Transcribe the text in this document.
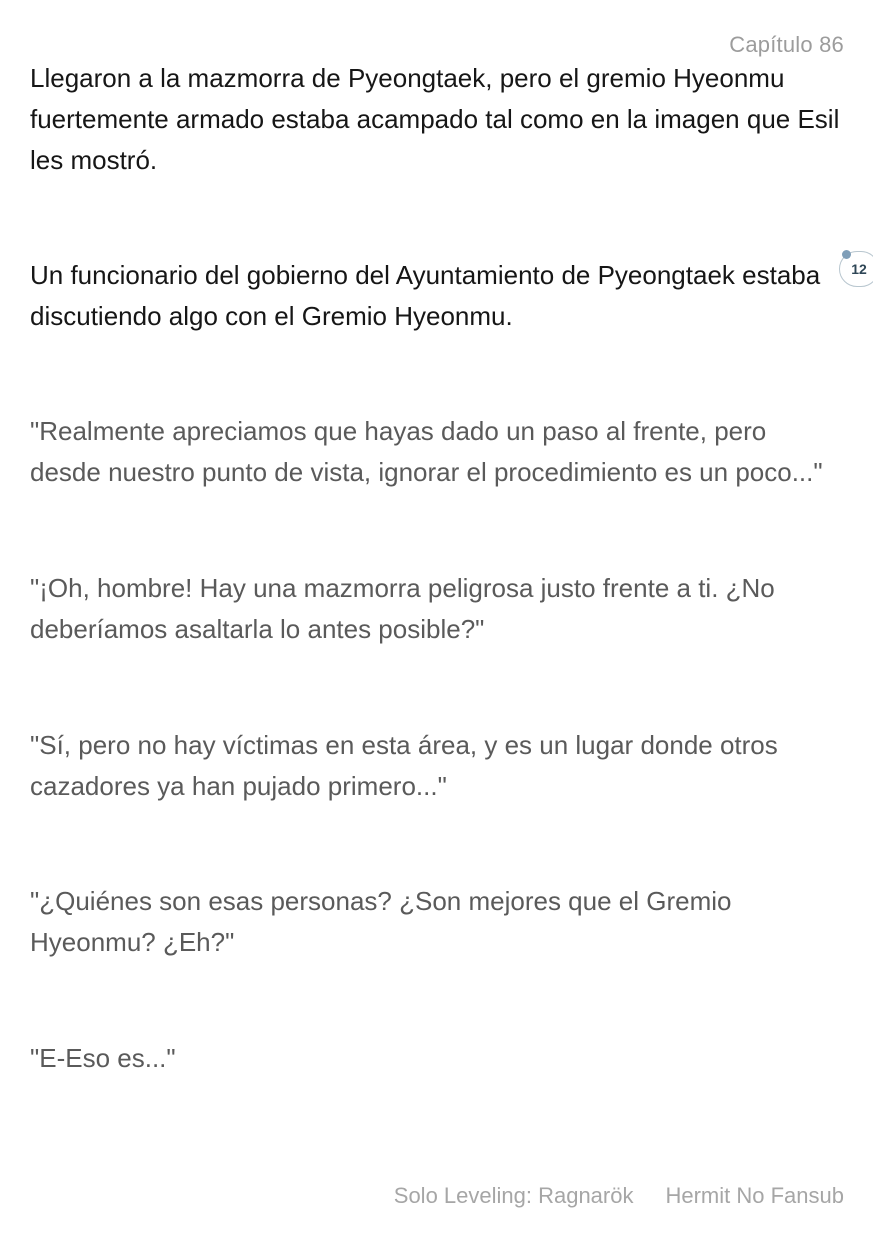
Capítulo 86
12

Llegaron a la mazmorra de Pyeongtaek, pero el gremio Hyeonmu fuertemente armado estaba acampado tal como en la imagen que Esil les mostró.

Un funcionario del gobierno del Ayuntamiento de Pyeongtaek estaba discutiendo algo con el Gremio Hyeonmu.

"Realmente apreciamos que hayas dado un paso al frente, pero desde nuestro punto de vista, ignorar el procedimiento es un poco..."

"¡Oh, hombre! Hay una mazmorra peligrosa justo frente a ti. ¿No deberíamos asaltarla lo antes posible?"

"Sí, pero no hay víctimas en esta área, y es un lugar donde otros cazadores ya han pujado primero..."

"¿Quiénes son esas personas? ¿Son mejores que el Gremio Hyeonmu? ¿Eh?"

"E-Eso es..."

Solo Leveling: Ragnarök Hermit No Fansub
